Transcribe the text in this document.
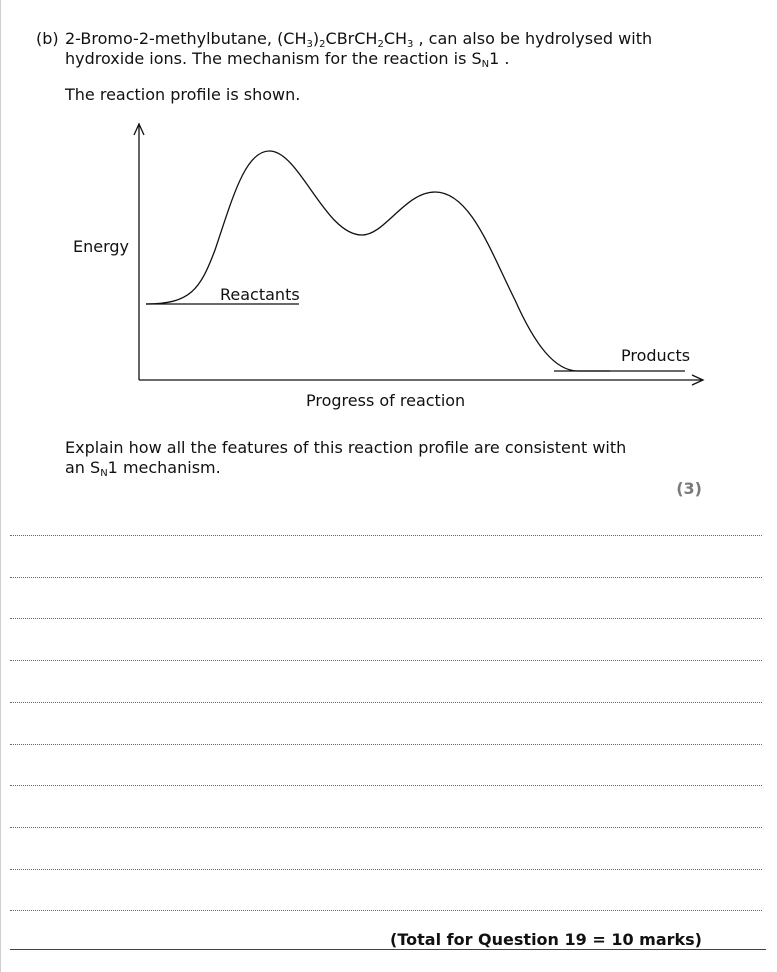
(b) 2-Bromo-2-methylbutane, $(CH_3)_2CBrCH_2CH_3$ , can also be hydrolysed with
hydroxide ions. The mechanism for the reaction is $S_N1$ .
The reaction profile is shown.
Energy
Reactants
Products
Progress of reaction
Explain how all the features of this reaction profile are consistent with
an $S_N1$ mechanism.
(3)
(Total for Question 19 = 10 marks)
